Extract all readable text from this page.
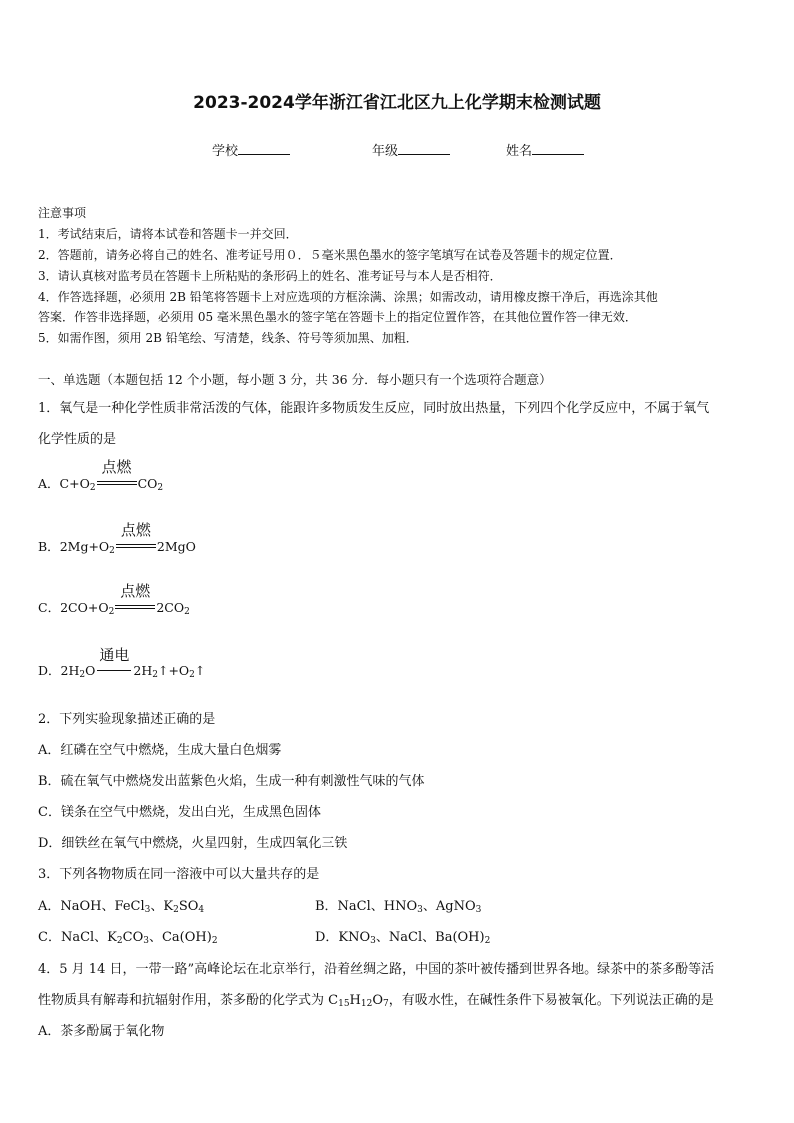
2023-2024学年浙江省江北区九上化学期末检测试题
学校	年级	姓名
注意事项
1．考试结束后，请将本试卷和答题卡一并交回．
2．答题前，请务必将自己的姓名、准考证号用０．５毫米黑色墨水的签字笔填写在试卷及答题卡的规定位置．
3．请认真核对监考员在答题卡上所粘贴的条形码上的姓名、准考证号与本人是否相符．
4．作答选择题，必须用 2B 铅笔将答题卡上对应选项的方框涂满、涂黑；如需改动，请用橡皮擦干净后，再选涂其他
答案．作答非选择题，必须用 05 毫米黑色墨水的签字笔在答题卡上的指定位置作答，在其他位置作答一律无效．
5．如需作图，须用 2B 铅笔绘、写清楚，线条、符号等须加黑、加粗．
一、单选题（本题包括 12 个小题，每小题 3 分，共 36 分．每小题只有一个选项符合题意）
1．氧气是一种化学性质非常活泼的气体，能跟许多物质发生反应，同时放出热量，下列四个化学反应中，不属于氧气
化学性质的是
A．$C+O_2$
点燃
$CO_2$
B．$2Mg+O_2$
点燃
2MgO
C．$2CO+O_2$
点燃
$2CO_2$
D．$2H_2O$
通电
$2H_2↑+O_2↑$
2．下列实验现象描述正确的是
A．红磷在空气中燃烧，生成大量白色烟雾
B．硫在氧气中燃烧发出蓝紫色火焰，生成一种有刺激性气味的气体
C．镁条在空气中燃烧，发出白光，生成黑色固体
D．细铁丝在氧气中燃烧，火星四射，生成四氧化三铁
3．下列各物物质在同一溶液中可以大量共存的是
A．NaOH、FeCl$_3$、$K_2SO_4$	B．NaCl、$HNO_3$、AgNO$_3$
C．NaCl、$K_2CO_3$、$Ca(OH)_2$	D．$KNO_3$、NaCl、$Ba(OH)_2$
4．5 月 14 日，一带一路”高峰论坛在北京举行，沿着丝绸之路，中国的茶叶被传播到世界各地。绿茶中的茶多酚等活
性物质具有解毒和抗辐射作用，茶多酚的化学式为 $C_{15}H_{12}O_7$，有吸水性，在碱性条件下易被氧化。下列说法正确的是
A．茶多酚属于氧化物
